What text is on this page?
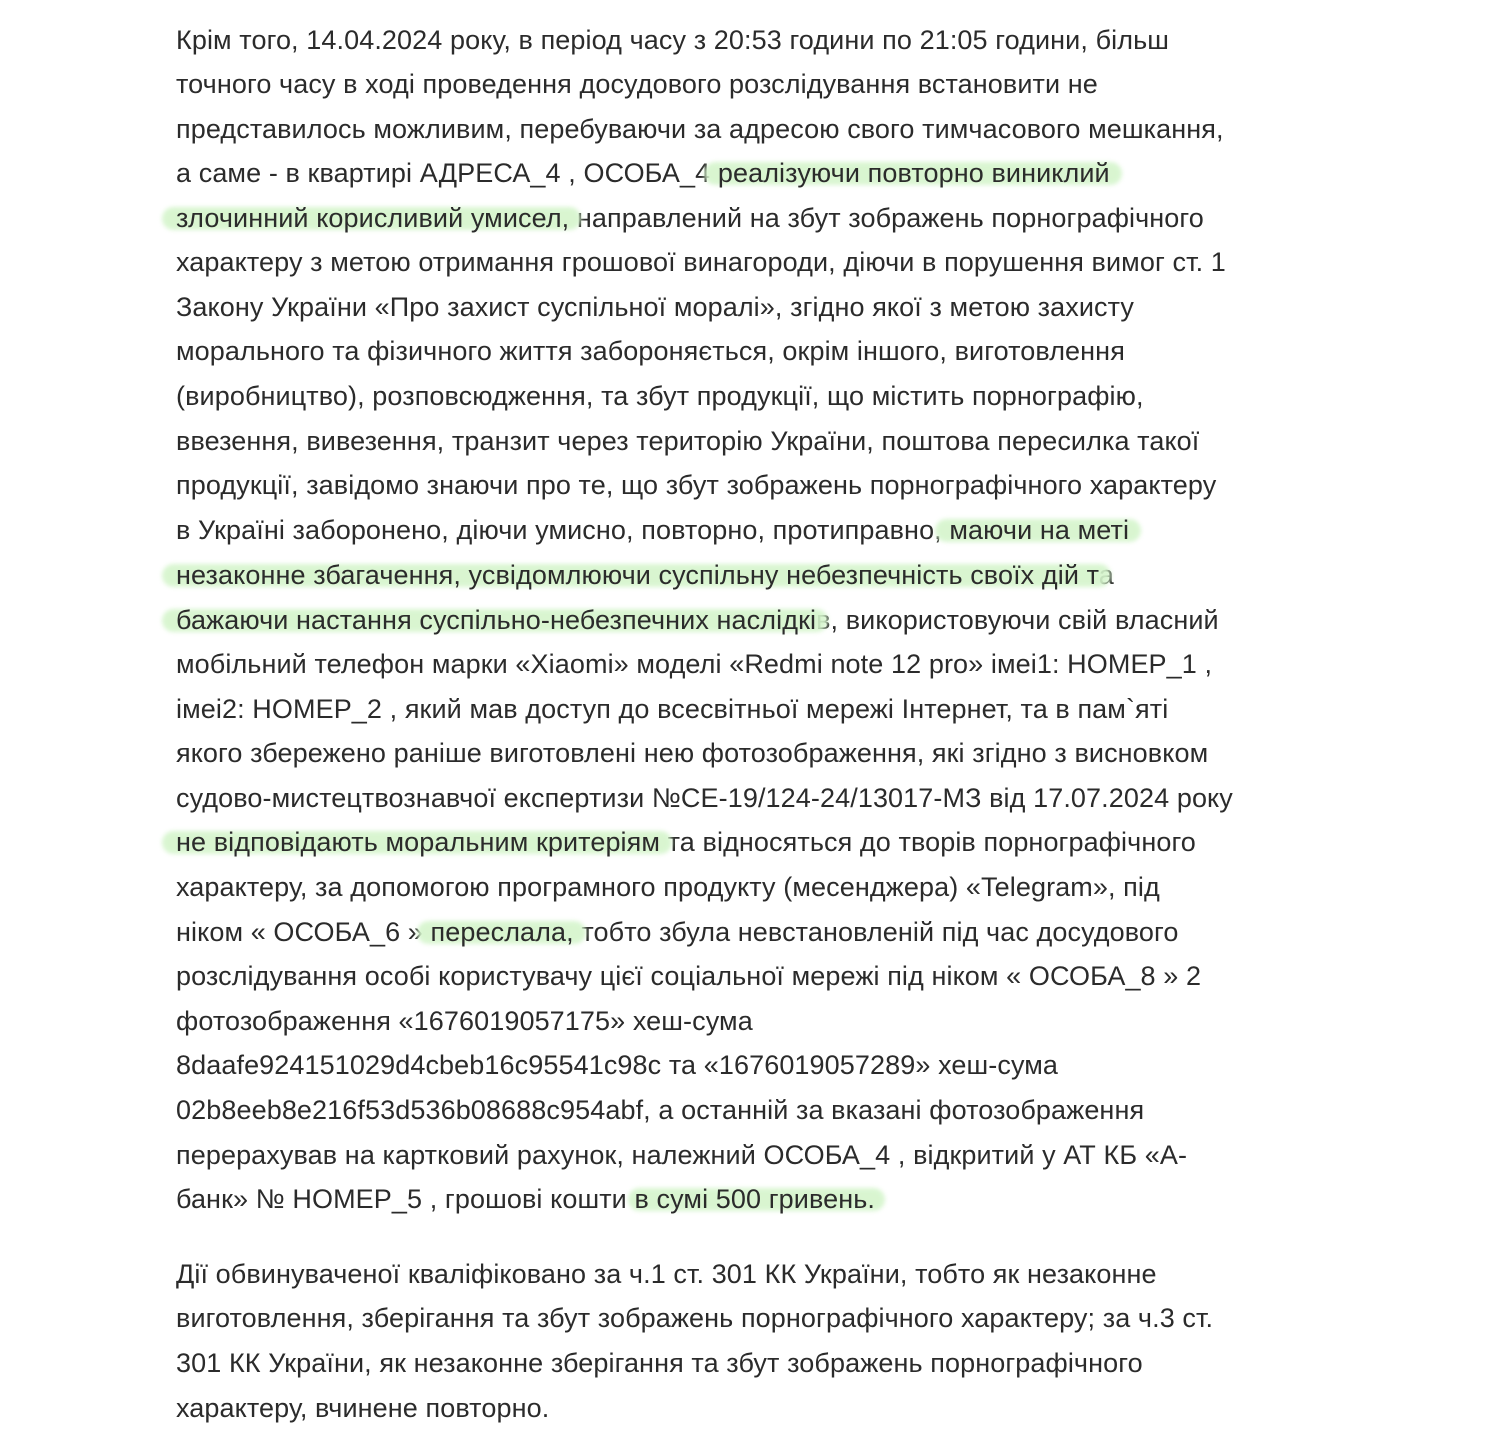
Крім того, 14.04.2024 року, в період часу з 20:53 години по 21:05 години, більш

точного часу в ході проведення досудового розслідування встановити не

представилось можливим, перебуваючи за адресою свого тимчасового мешкання,

а саме - в квартирі АДРЕСА_4 , ОСОБА_4 реалізуючи повторно виниклий

злочинний корисливий умисел, направлений на збут зображень порнографічного

характеру з метою отримання грошової винагороди, діючи в порушення вимог ст. 1

Закону України «Про захист суспільної моралі», згідно якої з метою захисту

морального та фізичного життя забороняється, окрім іншого, виготовлення

(виробництво), розповсюдження, та збут продукції, що містить порнографію,

ввезення, вивезення, транзит через територію України, поштова пересилка такої

продукції, завідомо знаючи про те, що збут зображень порнографічного характеру

в Україні заборонено, діючи умисно, повторно, протиправно, маючи на меті

незаконне збагачення, усвідомлюючи суспільну небезпечність своїх дій та

бажаючи настання суспільно-небезпечних наслідків, використовуючи свій власний

мобільний телефон марки «Xiaomi» моделі «Redmi note 12 pro» імеі1: НОМЕР_1 ,

імеі2: НОМЕР_2 , який мав доступ до всесвітньої мережі Інтернет, та в пам`яті

якого збережено раніше виготовлені нею фотозображення, які згідно з висновком

судово-мистецтвознавчої експертизи №СЕ-19/124-24/13017-МЗ від 17.07.2024 року

не відповідають моральним критеріям та відносяться до творів порнографічного

характеру, за допомогою програмного продукту (месенджера) «Telegram», під

ніком « ОСОБА_6 » переслала, тобто збула невстановленій під час досудового

розслідування особі користувачу цієї соціальної мережі під ніком « ОСОБА_8 » 2

фотозображення «1676019057175» хеш-сума

8daafe924151029d4cbeb16c95541c98c та «1676019057289» хеш-сума

02b8eeb8e216f53d536b08688c954abf, а останній за вказані фотозображення

перерахував на картковий рахунок, належний ОСОБА_4 , відкритий у АТ КБ «А-

банк» № НОМЕР_5 , грошові кошти в сумі 500 гривень.

Дії обвинуваченої кваліфіковано за ч.1 ст. 301 КК України, тобто як незаконне

виготовлення, зберігання та збут зображень порнографічного характеру; за ч.3 ст.

301 КК України, як незаконне зберігання та збут зображень порнографічного

характеру, вчинене повторно.
